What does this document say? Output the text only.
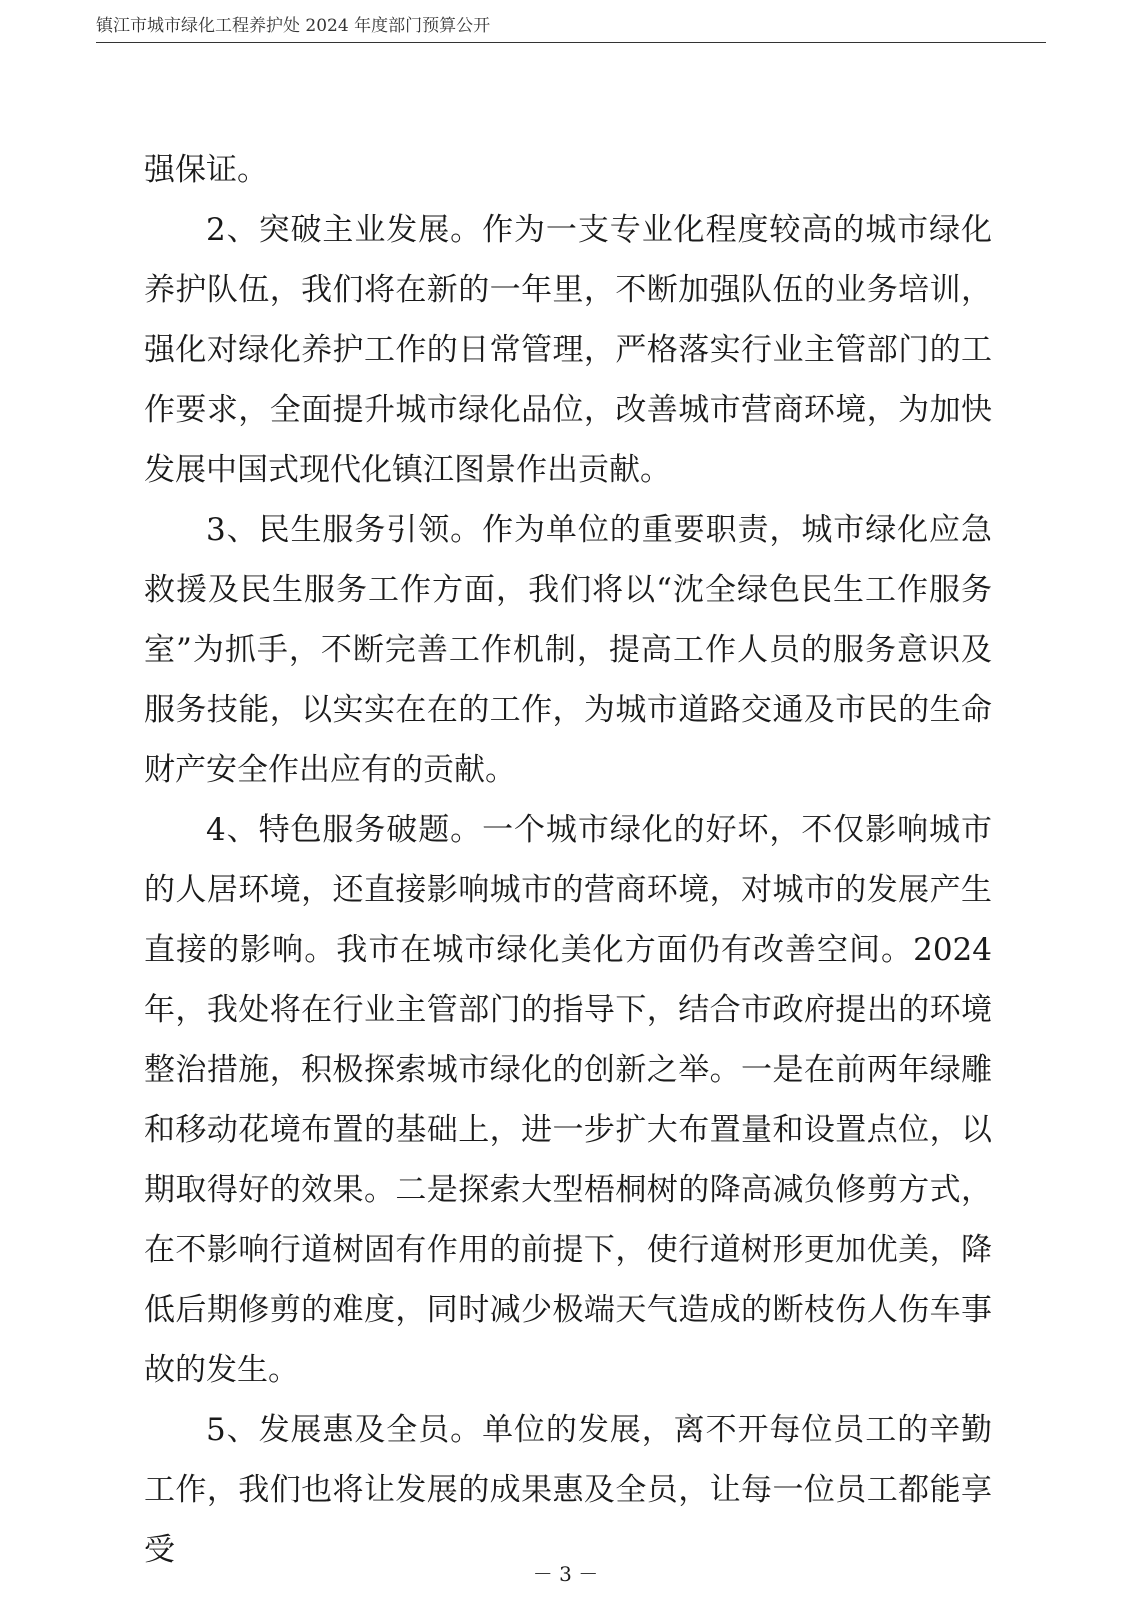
镇江市城市绿化工程养护处 2024 年度部门预算公开

强保证。

2、突破主业发展。作为一支专业化程度较高的城市绿化养护队伍，我们将在新的一年里，不断加强队伍的业务培训，强化对绿化养护工作的日常管理，严格落实行业主管部门的工作要求，全面提升城市绿化品位，改善城市营商环境，为加快发展中国式现代化镇江图景作出贡献。

3、民生服务引领。作为单位的重要职责，城市绿化应急救援及民生服务工作方面，我们将以“沈全绿色民生工作服务室”为抓手，不断完善工作机制，提高工作人员的服务意识及服务技能，以实实在在的工作，为城市道路交通及市民的生命财产安全作出应有的贡献。

4、特色服务破题。一个城市绿化的好坏，不仅影响城市的人居环境，还直接影响城市的营商环境，对城市的发展产生直接的影响。我市在城市绿化美化方面仍有改善空间。2024 年，我处将在行业主管部门的指导下，结合市政府提出的环境整治措施，积极探索城市绿化的创新之举。一是在前两年绿雕和移动花境布置的基础上，进一步扩大布置量和设置点位，以期取得好的效果。二是探索大型梧桐树的降高减负修剪方式，在不影响行道树固有作用的前提下，使行道树形更加优美，降低后期修剪的难度，同时减少极端天气造成的断枝伤人伤车事故的发生。

5、发展惠及全员。单位的发展，离不开每位员工的辛勤工作，我们也将让发展的成果惠及全员，让每一位员工都能享受

－ 3 －
